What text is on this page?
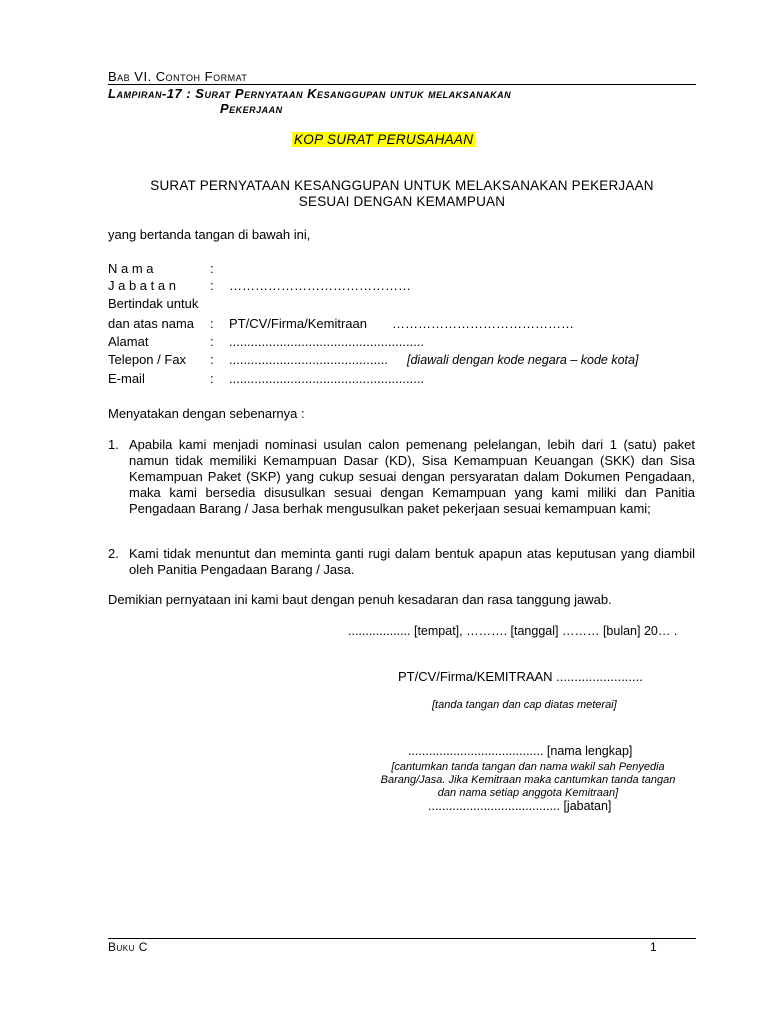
Bab VI. Contoh Format
Lampiran-17 : Surat Pernyataan Kesanggupan untuk melaksanakan
Pekerjaan
KOP SURAT PERUSAHAAN
SURAT PERNYATAAN KESANGGUPAN UNTUK MELAKSANAKAN PEKERJAAN
SESUAI DENGAN KEMAMPUAN
yang bertanda tangan di bawah ini,
N a m a	:
J a b a t a n	: ……………………………………
Bertindak untuk
dan atas nama : PT/CV/Firma/Kemitraan ……………………………………
Alamat	: ......................................................
Telepon / Fax : ............................................ [diawali dengan kode negara – kode kota]
E-mail	: ......................................................
Menyatakan dengan sebenarnya :
1. Apabila kami menjadi nominasi usulan calon pemenang pelelangan, lebih dari 1 (satu) paket namun tidak memiliki Kemampuan Dasar (KD), Sisa Kemampuan Keuangan (SKK) dan Sisa Kemampuan Paket (SKP) yang cukup sesuai dengan persyaratan dalam Dokumen Pengadaan, maka kami bersedia disusulkan sesuai dengan Kemampuan yang kami miliki dan Panitia Pengadaan Barang / Jasa berhak mengusulkan paket pekerjaan sesuai kemampuan kami;
2. Kami tidak menuntut dan meminta ganti rugi dalam bentuk apapun atas keputusan yang diambil oleh Panitia Pengadaan Barang / Jasa.
Demikian pernyataan ini kami baut dengan penuh kesadaran dan rasa tanggung jawab.
.................. [tempat], ………. [tanggal] ……… [bulan] 20… .
PT/CV/Firma/KEMITRAAN ........................
[tanda tangan dan cap diatas meterai]
....................................... [nama lengkap]
[cantumkan tanda tangan dan nama wakil sah Penyedia
Barang/Jasa. Jika Kemitraan maka cantumkan tanda tangan
dan nama setiap anggota Kemitraan]
...................................... [jabatan]
Buku C	1
